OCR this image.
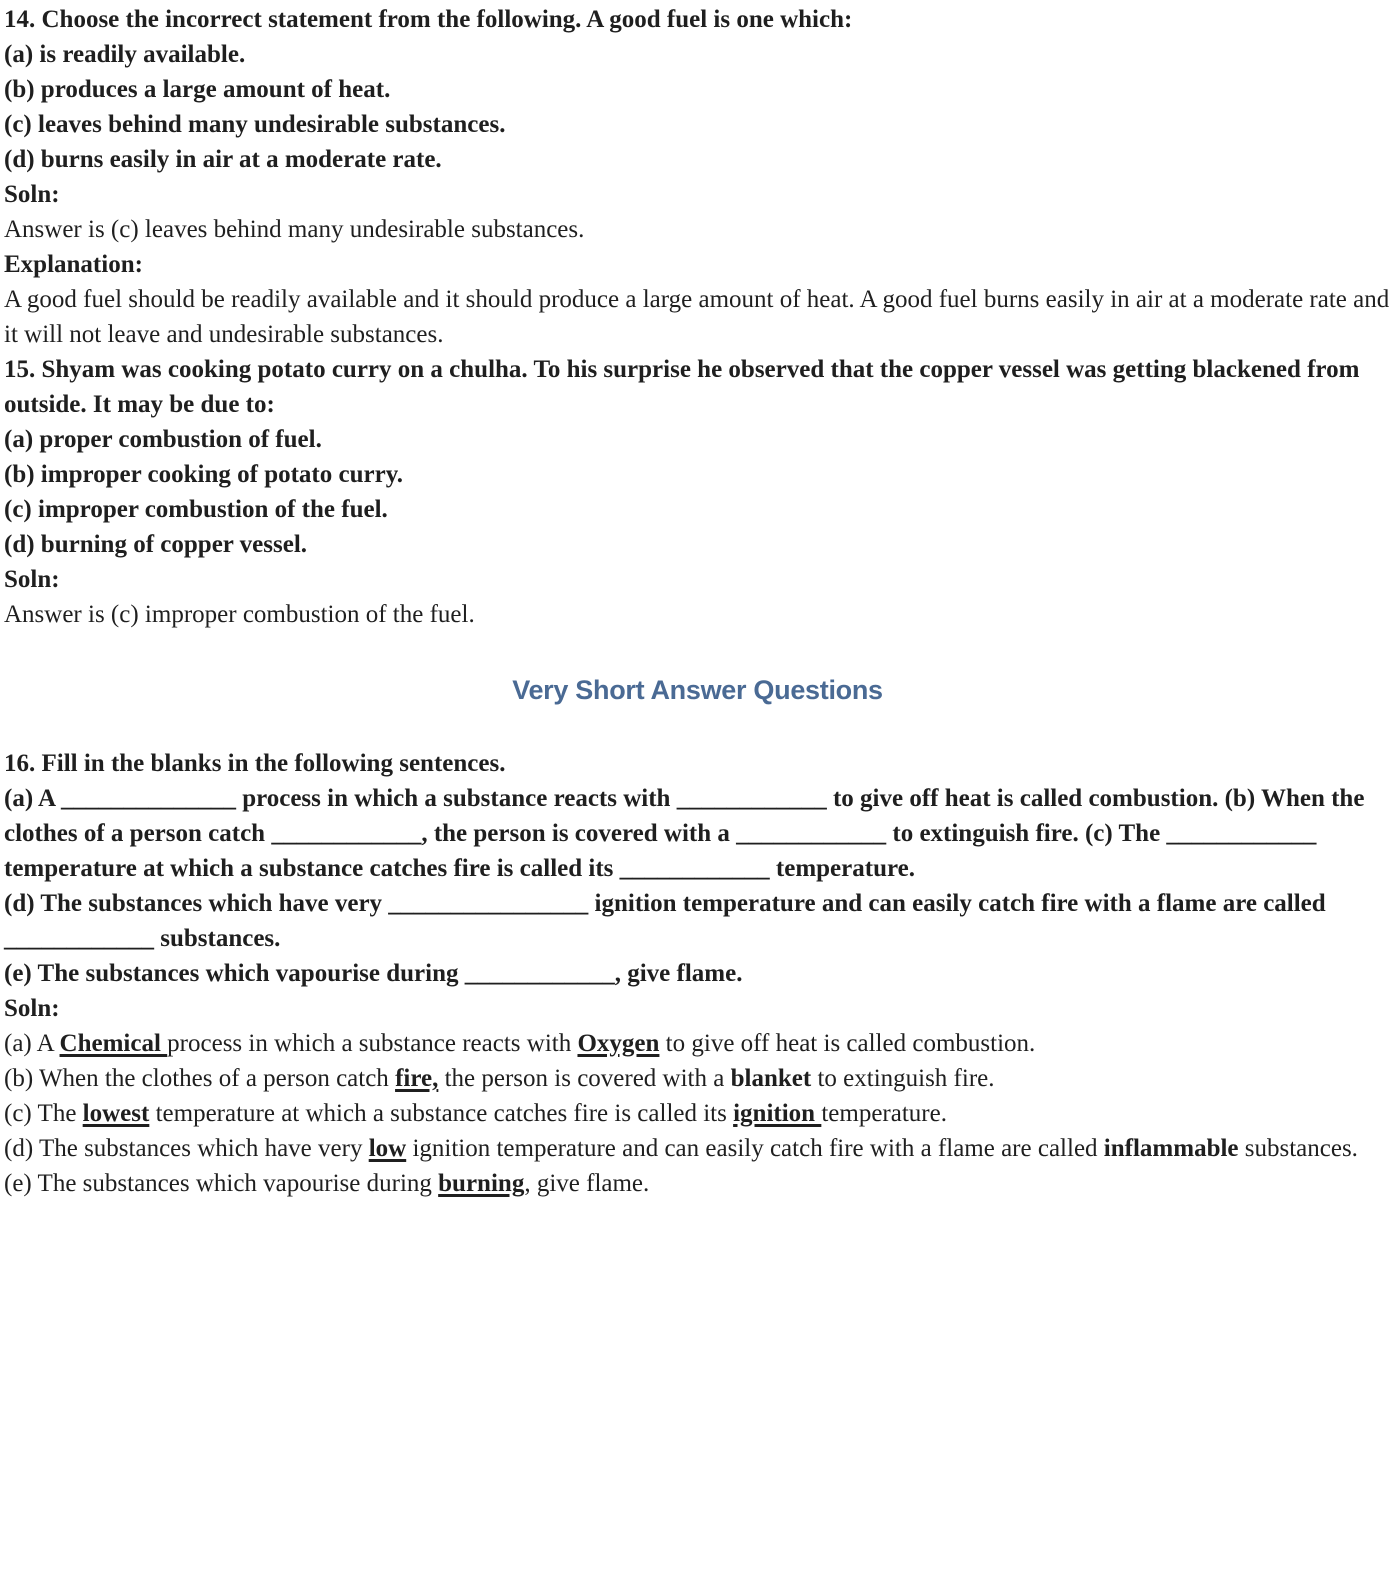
14. Choose the incorrect statement from the following. A good fuel is one which:

(a) is readily available.

(b) produces a large amount of heat.

(c) leaves behind many undesirable substances.

(d) burns easily in air at a moderate rate.

Soln:

Answer is (c) leaves behind many undesirable substances.

Explanation:

A good fuel should be readily available and it should produce a large amount of heat. A good fuel burns easily in air at a moderate rate and it will not leave and undesirable substances.

15. Shyam was cooking potato curry on a chulha. To his surprise he observed that the copper vessel was getting blackened from outside. It may be due to:

(a) proper combustion of fuel.

(b) improper cooking of potato curry.

(c) improper combustion of the fuel.

(d) burning of copper vessel.

Soln:

Answer is (c) improper combustion of the fuel.

Very Short Answer Questions

16. Fill in the blanks in the following sentences.

(a) A ______________ process in which a substance reacts with ____________ to give off heat is called combustion. (b) When the clothes of a person catch ____________, the person is covered with a ____________ to extinguish fire. (c) The ____________ temperature at which a substance catches fire is called its ____________ temperature.

(d) The substances which have very ________________ ignition temperature and can easily catch fire with a flame are called ____________ substances.

(e) The substances which vapourise during ____________, give flame.

Soln:

(a) A Chemical process in which a substance reacts with Oxygen to give off heat is called combustion.

(b) When the clothes of a person catch fire, the person is covered with a blanket to extinguish fire.

(c) The lowest temperature at which a substance catches fire is called its ignition temperature.

(d) The substances which have very low ignition temperature and can easily catch fire with a flame are called inflammable substances.

(e) The substances which vapourise during burning, give flame.
